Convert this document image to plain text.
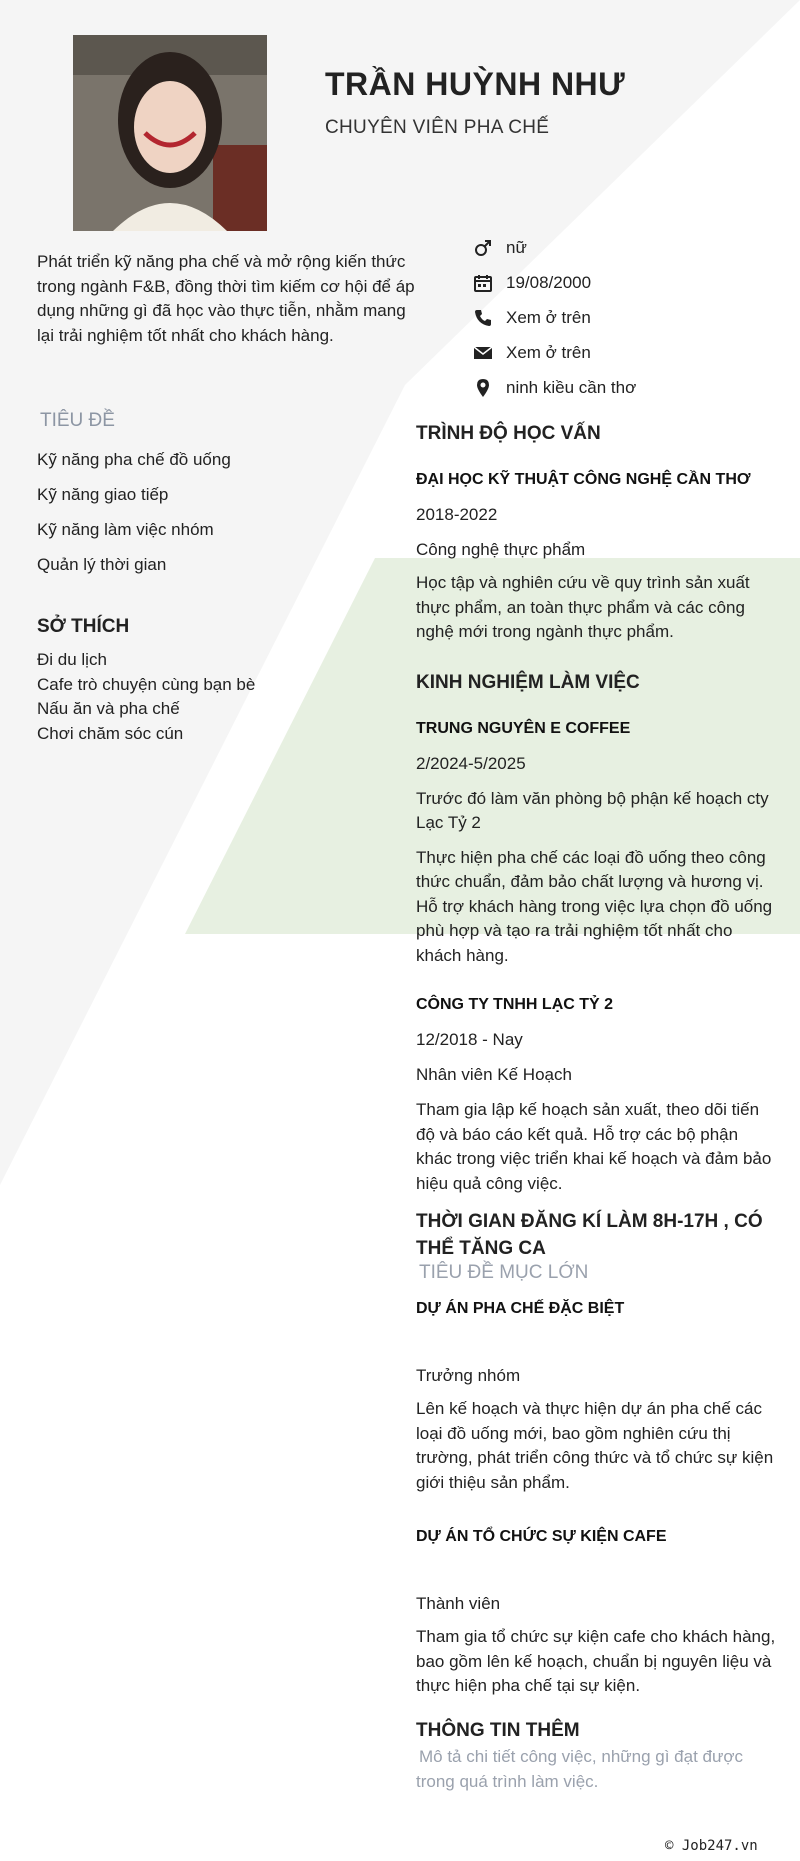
TRẦN HUỲNH NHƯ
CHUYÊN VIÊN PHA CHẾ
Phát triển kỹ năng pha chế và mở rộng kiến thức trong ngành F&B, đồng thời tìm kiếm cơ hội để áp dụng những gì đã học vào thực tiễn, nhằm mang lại trải nghiệm tốt nhất cho khách hàng.
nữ
19/08/2000
Xem ở trên
Xem ở trên
ninh kiều cần thơ
TIÊU ĐỀ
Kỹ năng pha chế đồ uống
Kỹ năng giao tiếp
Kỹ năng làm việc nhóm
Quản lý thời gian
SỞ THÍCH
Đi du lịch
Cafe trò chuyện cùng bạn bè
Nấu ăn và pha chế
Chơi chăm sóc cún
TRÌNH ĐỘ HỌC VẤN
ĐẠI HỌC KỸ THUẬT CÔNG NGHỆ CẦN THƠ
2018-2022
Công nghệ thực phẩm
Học tập và nghiên cứu về quy trình sản xuất thực phẩm, an toàn thực phẩm và các công nghệ mới trong ngành thực phẩm.
KINH NGHIỆM LÀM VIỆC
TRUNG NGUYÊN E COFFEE
2/2024-5/2025
Trước đó làm văn phòng bộ phận kế hoạch cty Lạc Tỷ 2
Thực hiện pha chế các loại đồ uống theo công thức chuẩn, đảm bảo chất lượng và hương vị. Hỗ trợ khách hàng trong việc lựa chọn đồ uống phù hợp và tạo ra trải nghiệm tốt nhất cho khách hàng.
CÔNG TY TNHH LẠC TỶ 2
12/2018 - Nay
Nhân viên Kế Hoạch
Tham gia lập kế hoạch sản xuất, theo dõi tiến độ và báo cáo kết quả. Hỗ trợ các bộ phận khác trong việc triển khai kế hoạch và đảm bảo hiệu quả công việc.
THỜI GIAN ĐĂNG KÍ LÀM 8H-17H , CÓ THỂ TĂNG CA
TIÊU ĐỀ MỤC LỚN
DỰ ÁN PHA CHẾ ĐẶC BIỆT
Trưởng nhóm
Lên kế hoạch và thực hiện dự án pha chế các loại đồ uống mới, bao gồm nghiên cứu thị trường, phát triển công thức và tổ chức sự kiện giới thiệu sản phẩm.
DỰ ÁN TỔ CHỨC SỰ KIỆN CAFE
Thành viên
Tham gia tổ chức sự kiện cafe cho khách hàng, bao gồm lên kế hoạch, chuẩn bị nguyên liệu và thực hiện pha chế tại sự kiện.
THÔNG TIN THÊM
Mô tả chi tiết công việc, những gì đạt được trong quá trình làm việc.
© Job247.vn
